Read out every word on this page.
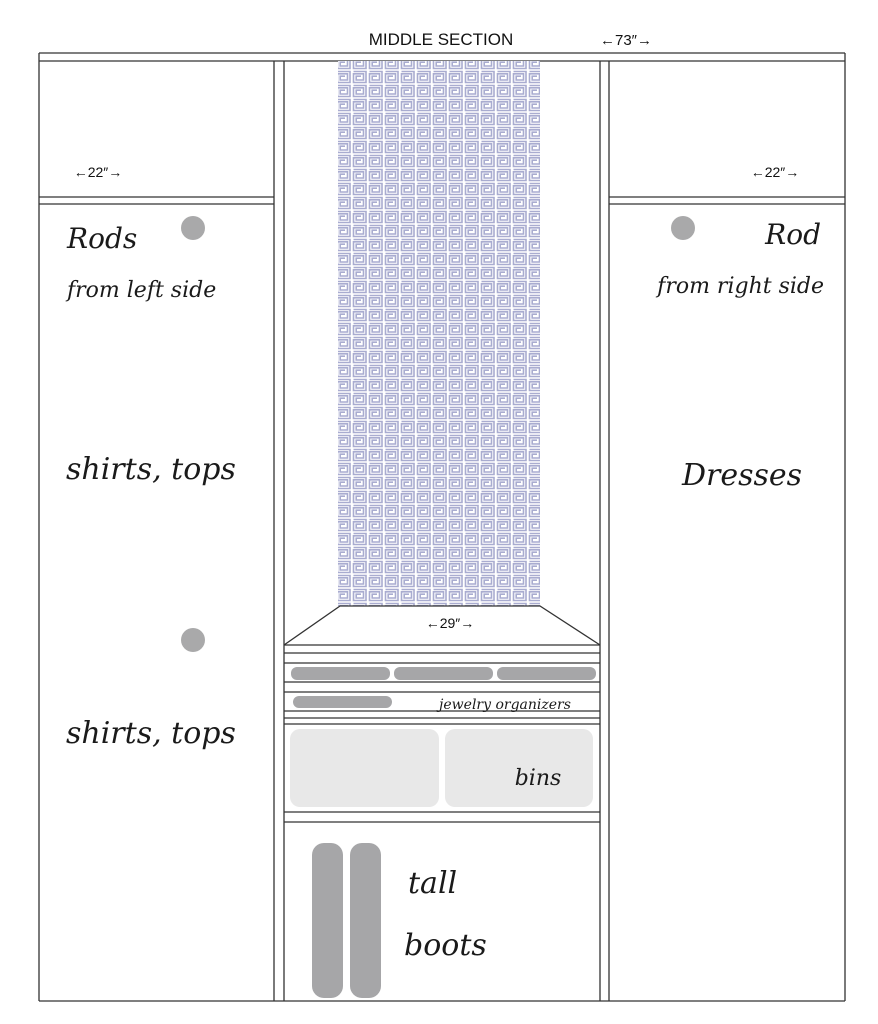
MIDDLE SECTION	←73″→
←22″→	←22″→
←29″→
jewelry organizers
bins
tall
boots
Rods
from left side
shirts, tops
shirts, tops
Rod
from right side
Dresses
